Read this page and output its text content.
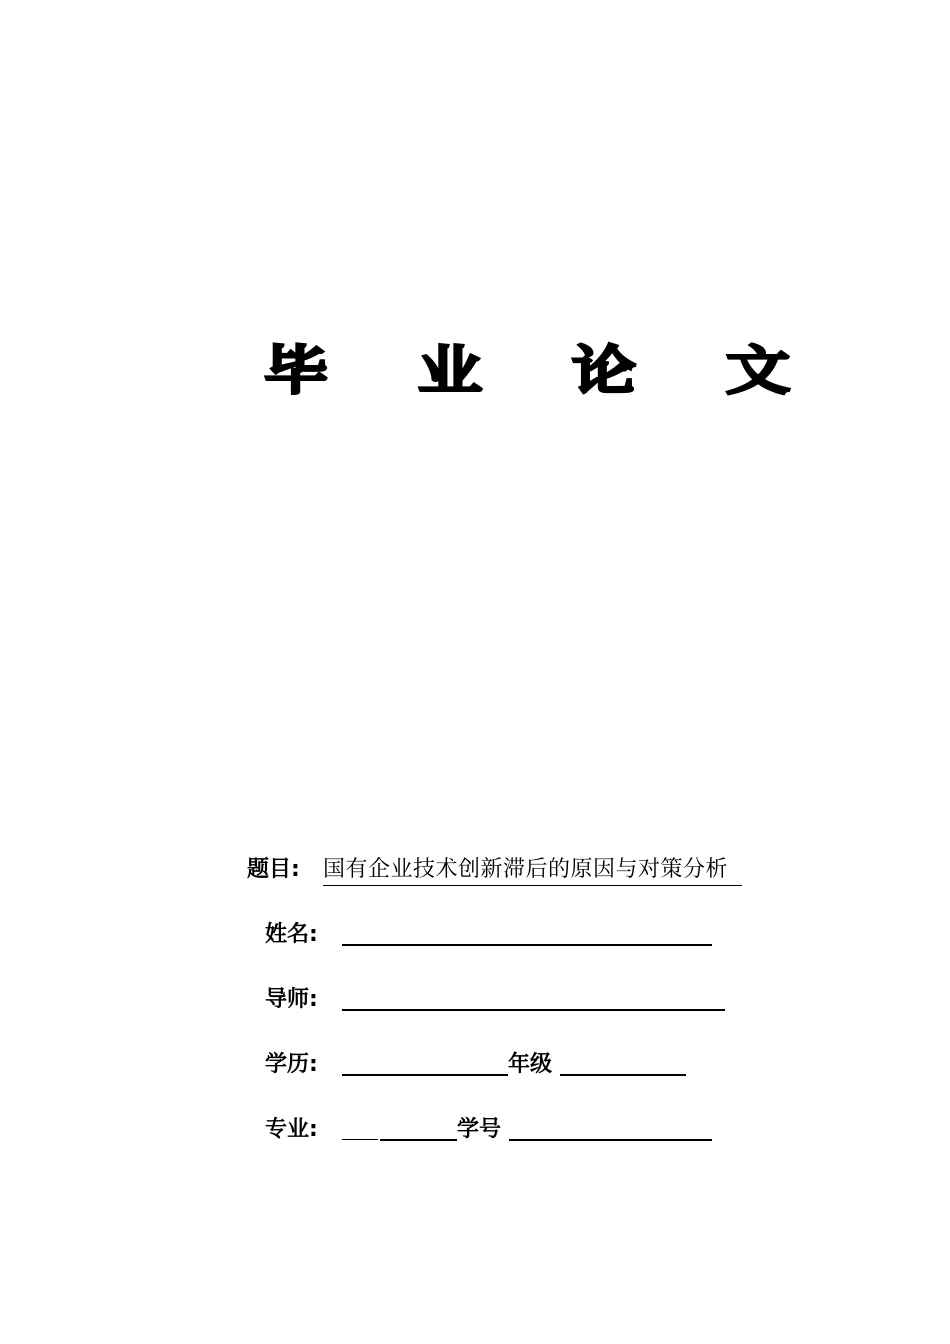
毕 业 论 文
题目: 国有企业技术创新滞后的原因与对策分析
姓名:
导师:
学历:	年级
专业:	学号
